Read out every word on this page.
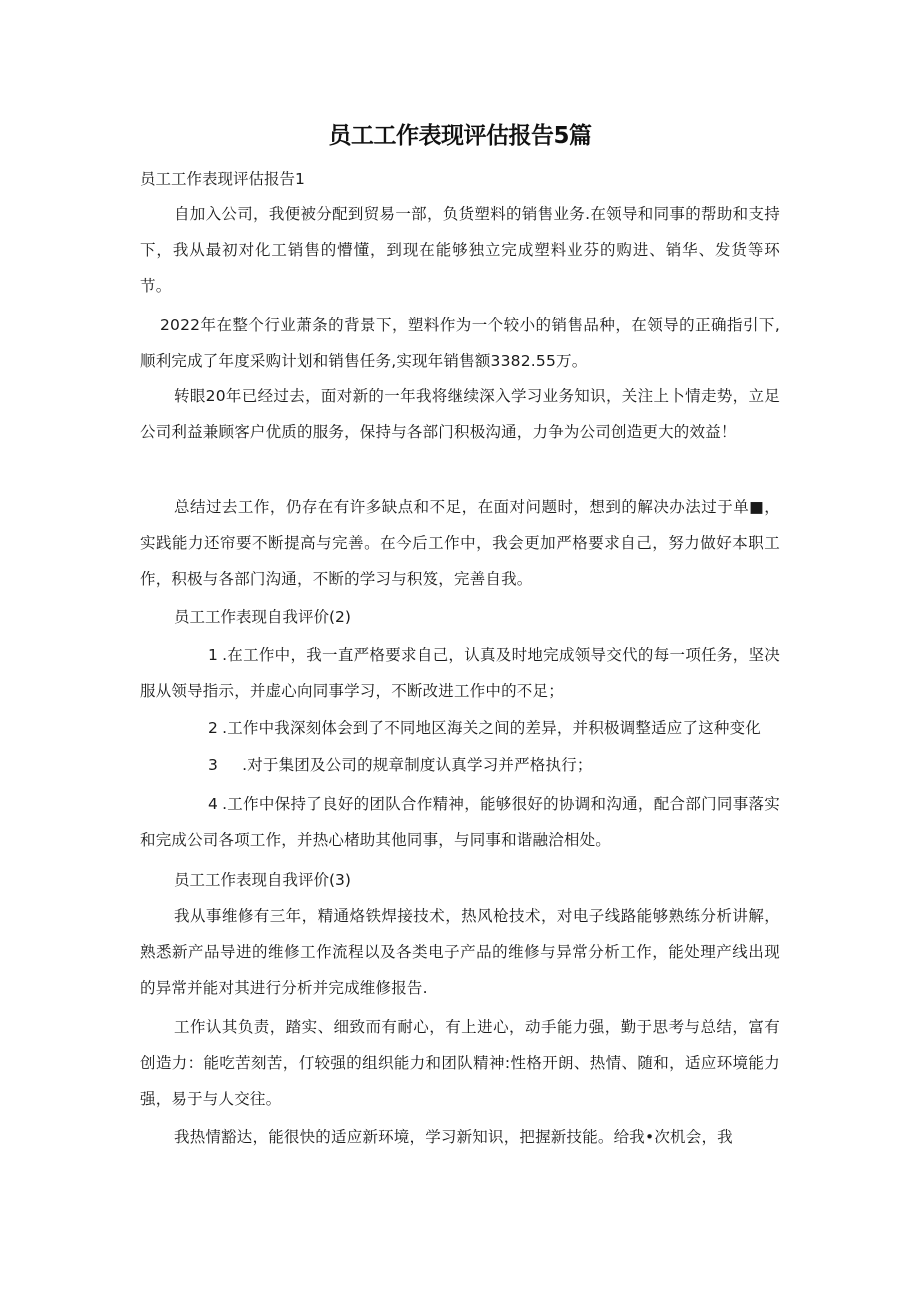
员工工作表现评估报告5篇
员工工作表现评估报告1
自加入公司，我便被分配到贸易一部，负货塑料的销售业务.在领导和同事的帮助和支持下，我从最初对化工销售的懵懂，到现在能够独立完成塑料业芬的购进、销华、发货等环节。
2022年在整个行业萧条的背景下，塑料作为一个较小的销售品种，在领导的正确指引下,顺利完成了年度采购计划和销售任务,实现年销售额3382.55万。
转眼20年已经过去，面对新的一年我将继续深入学习业务知识，关注上卜情走势，立足公司利益兼顾客户优质的服务，保持与各部门积极沟通，力争为公司创造更大的效益！
总结过去工作，仍存在有许多缺点和不足，在面对问题时，想到的解决办法过于单■，实践能力还帘要不断提高与完善。在今后工作中，我会更加严格要求自己，努力做好本职工作，积极与各部门沟通，不断的学习与积笈，完善自我。
员工工作表现自我评价(2)
1 .在工作中，我一直严格要求自己，认真及时地完成领导交代的每一项任务，坚决服从领导指示，并虚心向同事学习，不断改进工作中的不足；
2 .工作中我深刻体会到了不同地区海关之间的差异，并积极调整适应了这种变化
3 .对于集团及公司的规章制度认真学习并严格执行；
4 .工作中保持了良好的团队合作精神，能够很好的协调和沟通，配合部门同事落实和完成公司各项工作，并热心楮助其他同事，与同事和谐融洽相处。
员工工作表现自我评价(3)
我从事维修有三年，精通烙铁焊接技术，热风枪技术，对电子线路能够熟练分析讲解，熟悉新产品导进的维修工作流程以及各类电子产品的维修与异常分析工作，能处理产线出现的异常并能对其进行分析并完成维修报告.
工作认其负责，踏实、细致而有耐心，有上进心，动手能力强，勤于思考与总结，富有创造力：能吃苦刻苦，仃较强的组织能力和团队精神:性格开朗、热情、随和，适应环境能力强，易于与人交往。
我热情豁达，能很快的适应新环境，学习新知识，把握新技能。给我•次机会，我
